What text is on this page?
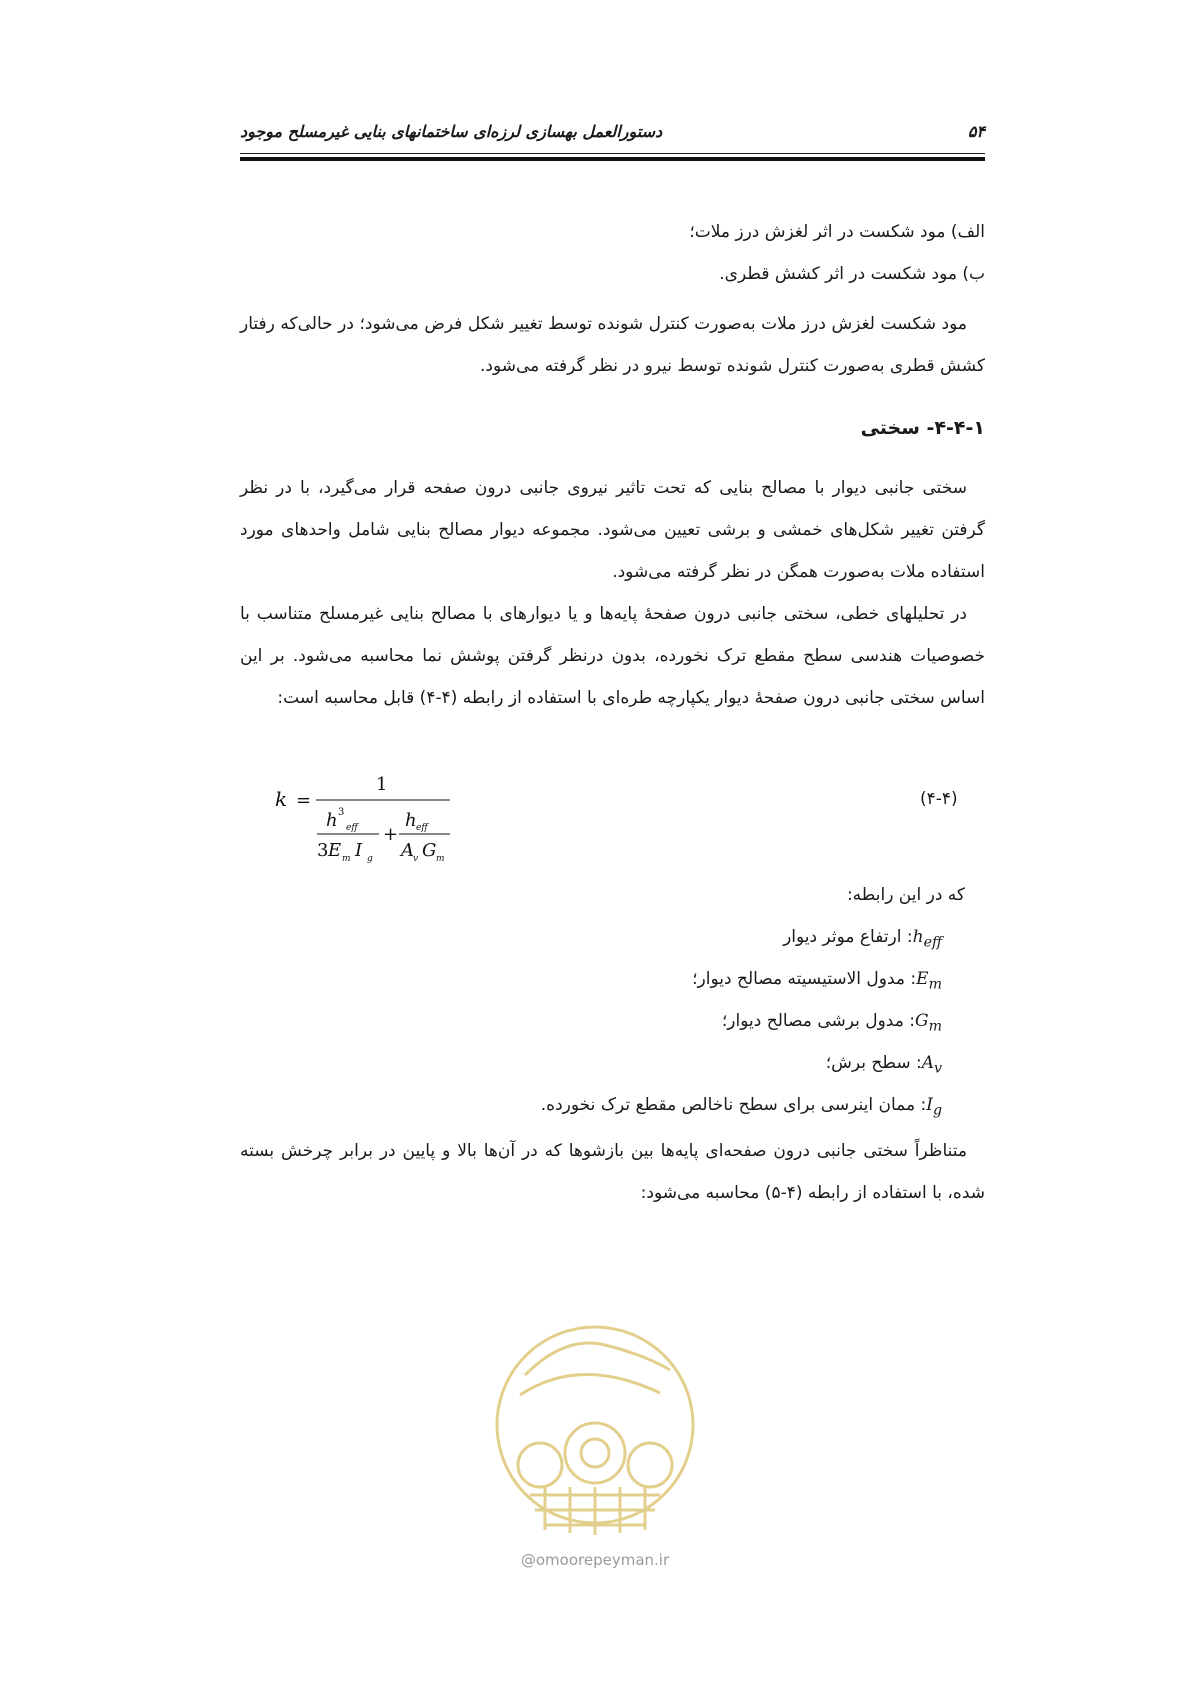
۵۴
دستورالعمل بهسازی لرزه‌ای ساختمانهای بنایی غیرمسلح موجود
الف) مود شکست در اثر لغزش درز ملات؛
ب) مود شکست در اثر کشش قطری.
مود شکست لغزش درز ملات به‌صورت کنترل شونده توسط تغییر شکل فرض می‌شود؛ در حالی‌که رفتار کشش قطری به‌صورت کنترل شونده توسط نیرو در نظر گرفته می‌شود.
۴-۴-۱- سختی
سختی جانبی دیوار با مصالح بنایی که تحت تاثیر نیروی جانبی درون صفحه قرار می‌گیرد، با در نظر گرفتن تغییر شکل‌های خمشی و برشی تعیین می‌شود. مجموعه دیوار مصالح بنایی شامل واحدهای مورد استفاده ملات به‌صورت همگن در نظر گرفته می‌شود.
در تحلیلهای خطی، سختی جانبی درون صفحهٔ پایه‌ها و یا دیوارهای با مصالح بنایی غیرمسلح متناسب با خصوصیات هندسی سطح مقطع ترک نخورده، بدون درنظر گرفتن پوشش نما محاسبه می‌شود. بر این اساس سختی جانبی درون صفحهٔ دیوار یکپارچه طره‌ای با استفاده از رابطه (۴-۴) قابل محاسبه است:
k =
1
h 3
eff
3 E m I g
+
h eff
A v G m
(۴-۴)
که در این رابطه:
$h_{eff}$: ارتفاع موثر دیوار
$E_m$: مدول الاستیسیته مصالح دیوار؛
$G_m$: مدول برشی مصالح دیوار؛
$A_v$: سطح برش؛
$I_g$: ممان اینرسی برای سطح ناخالص مقطع ترک نخورده.
متناظراً سختی جانبی درون صفحه‌ای پایه‌ها بین بازشوها که در آن‌ها بالا و پایین در برابر چرخش بسته شده، با استفاده از رابطه (۴-۵) محاسبه می‌شود:
@omoorepeyman.ir
